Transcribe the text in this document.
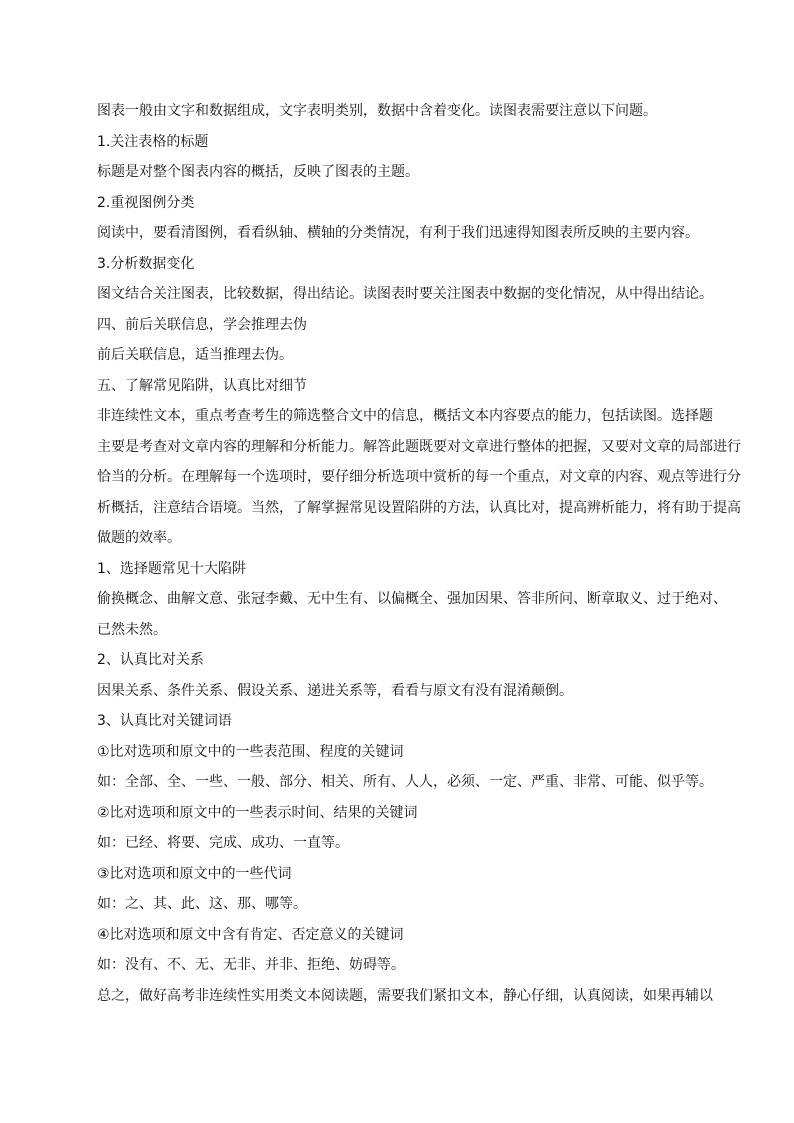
图表一般由文字和数据组成，文字表明类别，数据中含着变化。读图表需要注意以下问题。

1.关注表格的标题

标题是对整个图表内容的概括，反映了图表的主题。

2.重视图例分类

阅读中，要看清图例，看看纵轴、横轴的分类情况，有利于我们迅速得知图表所反映的主要内容。

3.分析数据变化

图文结合关注图表，比较数据，得出结论。读图表时要关注图表中数据的变化情况，从中得出结论。

四、前后关联信息，学会推理去伪

前后关联信息，适当推理去伪。

五、了解常见陷阱，认真比对细节

非连续性文本，重点考查考生的筛选整合文中的信息，概括文本内容要点的能力，包括读图。选择题

主要是考查对文章内容的理解和分析能力。解答此题既要对文章进行整体的把握，又要对文章的局部进行

恰当的分析。在理解每一个选项时，要仔细分析选项中赏析的每一个重点，对文章的内容、观点等进行分

析概括，注意结合语境。当然，了解掌握常见设置陷阱的方法，认真比对，提高辨析能力，将有助于提高

做题的效率。

1、选择题常见十大陷阱

偷换概念、曲解文意、张冠李戴、无中生有、以偏概全、强加因果、答非所问、断章取义、过于绝对、

已然未然。

2、认真比对关系

因果关系、条件关系、假设关系、递进关系等，看看与原文有没有混淆颠倒。

3、认真比对关键词语

①比对选项和原文中的一些表范围、程度的关键词

如：全部、全、一些、一般、部分、相关、所有、人人，必须、一定、严重、非常、可能、似乎等。

②比对选项和原文中的一些表示时间、结果的关键词

如：已经、将要、完成、成功、一直等。

③比对选项和原文中的一些代词

如：之、其、此、这、那、哪等。

④比对选项和原文中含有肯定、否定意义的关键词

如：没有、不、无、无非、并非、拒绝、妨碍等。

总之，做好高考非连续性实用类文本阅读题，需要我们紧扣文本，静心仔细，认真阅读，如果再辅以
